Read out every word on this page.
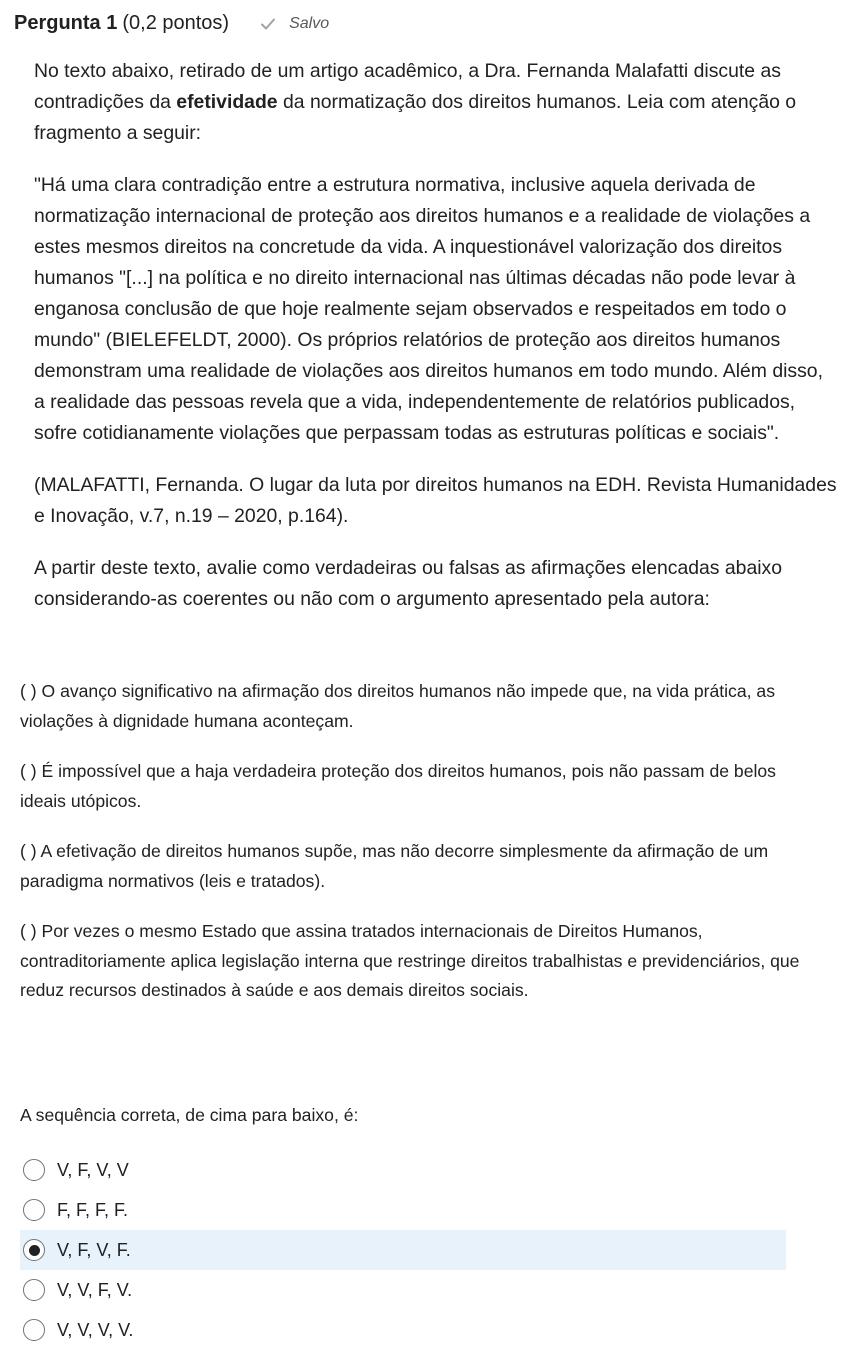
Pergunta 1 (0,2 pontos)	Salvo

No texto abaixo, retirado de um artigo acadêmico, a Dra. Fernanda Malafatti discute as contradições da efetividade da normatização dos direitos humanos. Leia com atenção o fragmento a seguir:

"Há uma clara contradição entre a estrutura normativa, inclusive aquela derivada de normatização internacional de proteção aos direitos humanos e a realidade de violações a estes mesmos direitos na concretude da vida. A inquestionável valorização dos direitos humanos "[...] na política e no direito internacional nas últimas décadas não pode levar à enganosa conclusão de que hoje realmente sejam observados e respeitados em todo o mundo" (BIELEFELDT, 2000). Os próprios relatórios de proteção aos direitos humanos demonstram uma realidade de violações aos direitos humanos em todo mundo. Além disso, a realidade das pessoas revela que a vida, independentemente de relatórios publicados, sofre cotidianamente violações que perpassam todas as estruturas políticas e sociais".

(MALAFATTI, Fernanda. O lugar da luta por direitos humanos na EDH. Revista Humanidades e Inovação, v.7, n.19 – 2020, p.164).

A partir deste texto, avalie como verdadeiras ou falsas as afirmações elencadas abaixo considerando-as coerentes ou não com o argumento apresentado pela autora:

( ) O avanço significativo na afirmação dos direitos humanos não impede que, na vida prática, as violações à dignidade humana aconteçam.

( ) É impossível que a haja verdadeira proteção dos direitos humanos, pois não passam de belos ideais utópicos.

( ) A efetivação de direitos humanos supõe, mas não decorre simplesmente da afirmação de um paradigma normativos (leis e tratados).

( ) Por vezes o mesmo Estado que assina tratados internacionais de Direitos Humanos, contraditoriamente aplica legislação interna que restringe direitos trabalhistas e previdenciários, que reduz recursos destinados à saúde e aos demais direitos sociais.

A sequência correta, de cima para baixo, é:

V, F, V, V
F, F, F, F.
V, F, V, F.
V, V, F, V.
V, V, V, V.
